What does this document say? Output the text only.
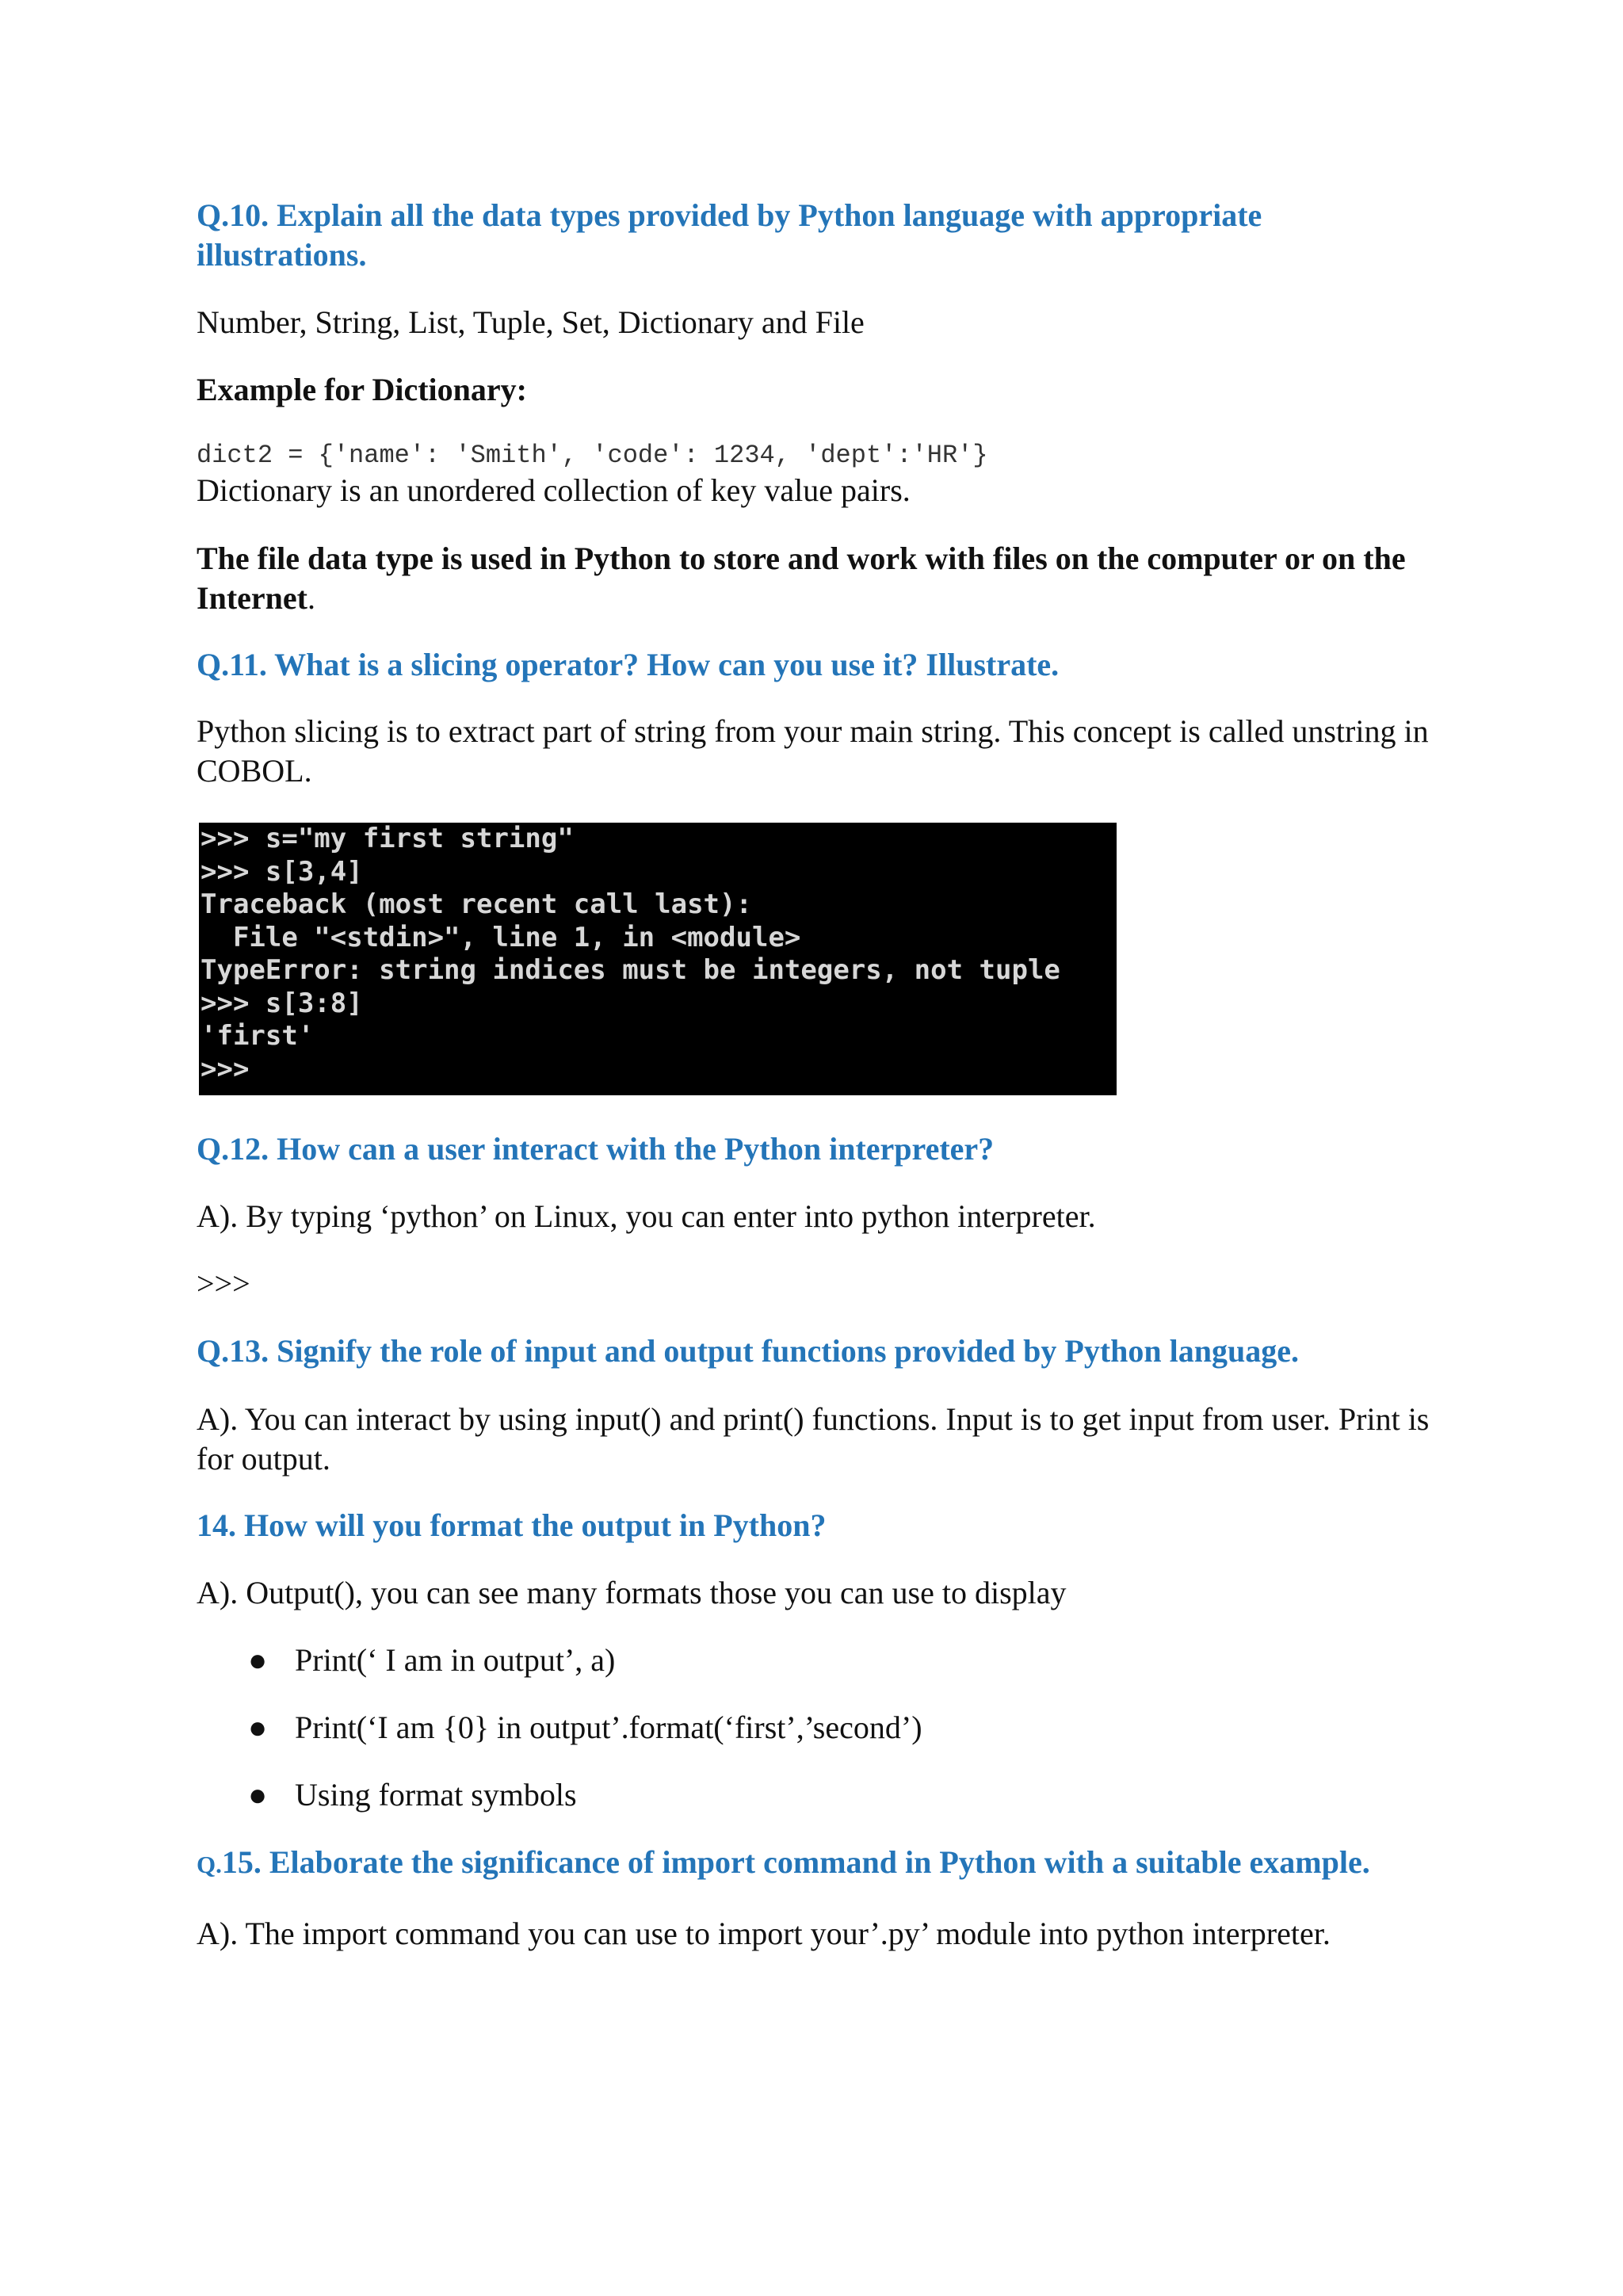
Q.10. Explain all the data types provided by Python language with appropriate illustrations.

Number, String, List, Tuple, Set, Dictionary and File

Example for Dictionary:

dict2 = {'name': 'Smith', 'code': 1234, 'dept':'HR'}

Dictionary is an unordered collection of key value pairs.

The file data type is used in Python to store and work with files on the computer or on the Internet.

Q.11. What is a slicing operator? How can you use it? Illustrate.

Python slicing is to extract part of string from your main string. This concept is called unstring in COBOL.

>>> s="my first string"
>>> s[3,4]
Traceback (most recent call last):
File "<stdin>", line 1, in <module>
TypeError: string indices must be integers, not tuple
>>> s[3:8]
'first'
>>>

Q.12. How can a user interact with the Python interpreter?

A). By typing ‘python’ on Linux, you can enter into python interpreter.

>>>

Q.13. Signify the role of input and output functions provided by Python language.

A). You can interact by using input() and print() functions. Input is to get input from user. Print is for output.

14. How will you format the output in Python?

A). Output(), you can see many formats those you can use to display

● Print(‘ I am in output’, a)
● Print(‘I am {0} in output’.format(‘first’,’second’)
● Using format symbols

Q.15. Elaborate the significance of import command in Python with a suitable example.

A). The import command you can use to import your’.py’ module into python interpreter.
